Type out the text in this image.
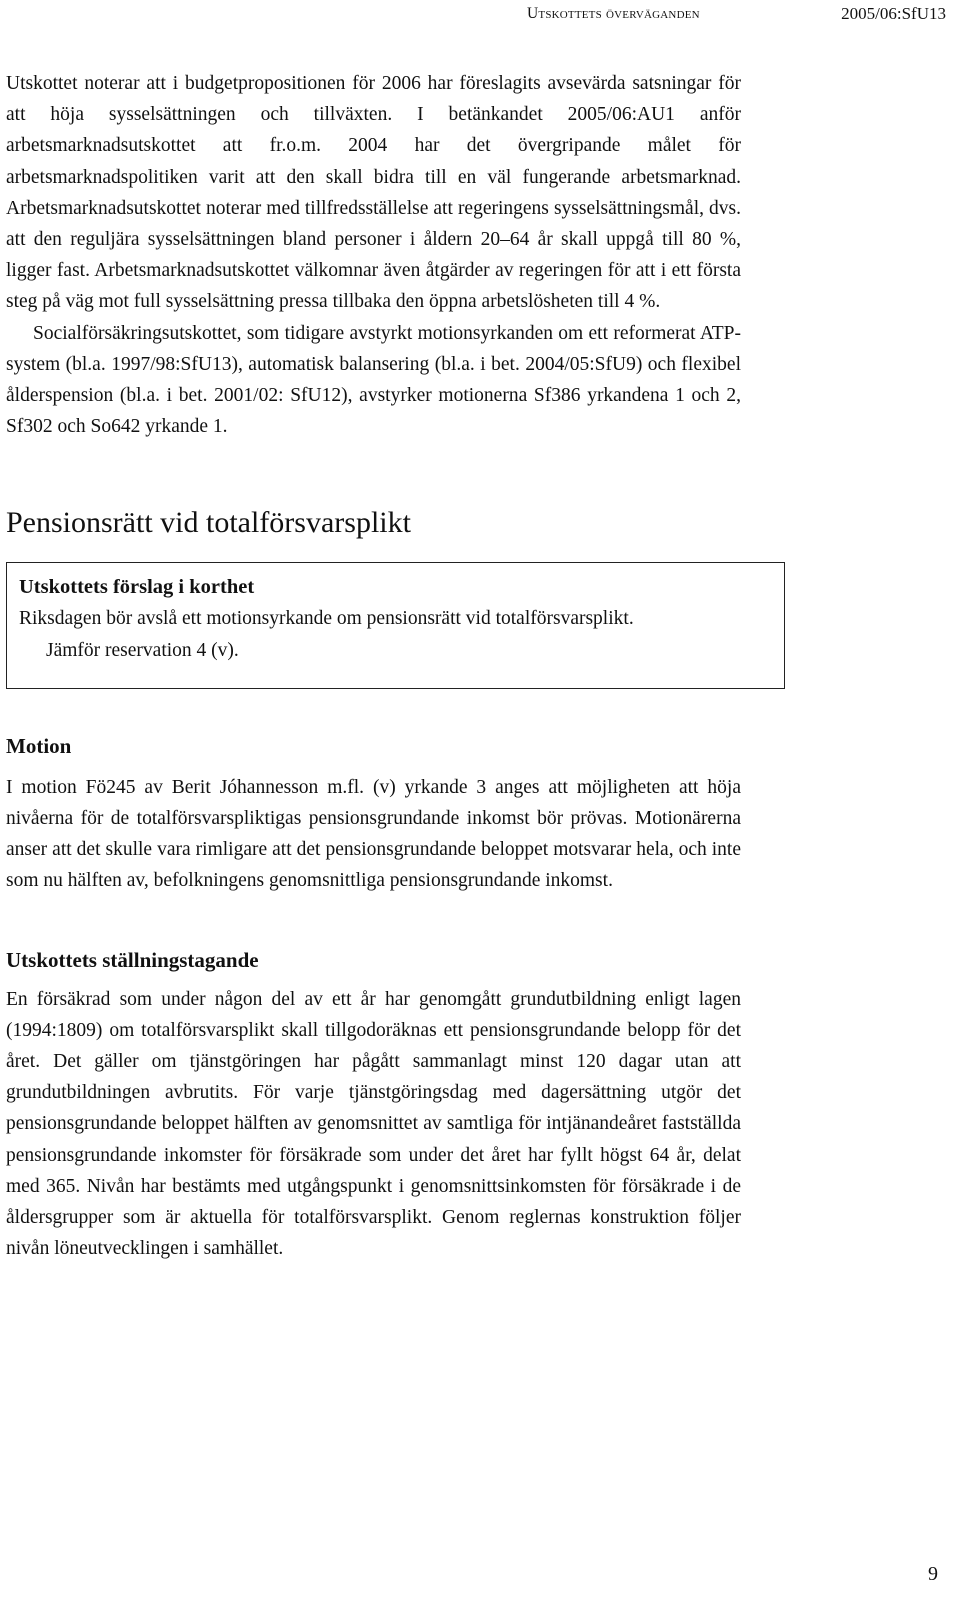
Utskottets överväganden	2005/06:SfU13

Utskottet noterar att i budgetpropositionen för 2006 har föreslagits avsevärda satsningar för att höja sysselsättningen och tillväxten. I betänkandet 2005/06:AU1 anför arbetsmarknadsutskottet att fr.o.m. 2004 har det övergripande målet för arbetsmarknadspolitiken varit att den skall bidra till en väl fungerande arbetsmarknad. Arbetsmarknadsutskottet noterar med tillfredsställelse att regeringens sysselsättningsmål, dvs. att den reguljära sysselsättningen bland personer i åldern 20–64 år skall uppgå till 80 %, ligger fast. Arbetsmarknadsutskottet välkomnar även åtgärder av regeringen för att i ett första steg på väg mot full sysselsättning pressa tillbaka den öppna arbetslösheten till 4 %.

Socialförsäkringsutskottet, som tidigare avstyrkt motionsyrkanden om ett reformerat ATP-system (bl.a. 1997/98:SfU13), automatisk balansering (bl.a. i bet. 2004/05:SfU9) och flexibel ålderspension (bl.a. i bet. 2001/02: SfU12), avstyrker motionerna Sf386 yrkandena 1 och 2, Sf302 och So642 yrkande 1.

Pensionsrätt vid totalförsvarsplikt
Utskottets förslag i korthet

Riksdagen bör avslå ett motionsyrkande om pensionsrätt vid totalförsvarsplikt.

Jämför reservation 4 (v).

Motion

I motion Fö245 av Berit Jóhannesson m.fl. (v) yrkande 3 anges att möjligheten att höja nivåerna för de totalförsvarspliktigas pensionsgrundande inkomst bör prövas. Motionärerna anser att det skulle vara rimligare att det pensionsgrundande beloppet motsvarar hela, och inte som nu hälften av, befolkningens genomsnittliga pensionsgrundande inkomst.

Utskottets ställningstagande

En försäkrad som under någon del av ett år har genomgått grundutbildning enligt lagen (1994:1809) om totalförsvarsplikt skall tillgodoräknas ett pensionsgrundande belopp för det året. Det gäller om tjänstgöringen har pågått sammanlagt minst 120 dagar utan att grundutbildningen avbrutits. För varje tjänstgöringsdag med dagersättning utgör det pensionsgrundande beloppet hälften av genomsnittet av samtliga för intjänandeåret fastställda pensionsgrundande inkomster för försäkrade som under det året har fyllt högst 64 år, delat med 365. Nivån har bestämts med utgångspunkt i genomsnittsinkomsten för försäkrade i de åldersgrupper som är aktuella för totalförsvarsplikt. Genom reglernas konstruktion följer nivån löneutvecklingen i samhället.

9
